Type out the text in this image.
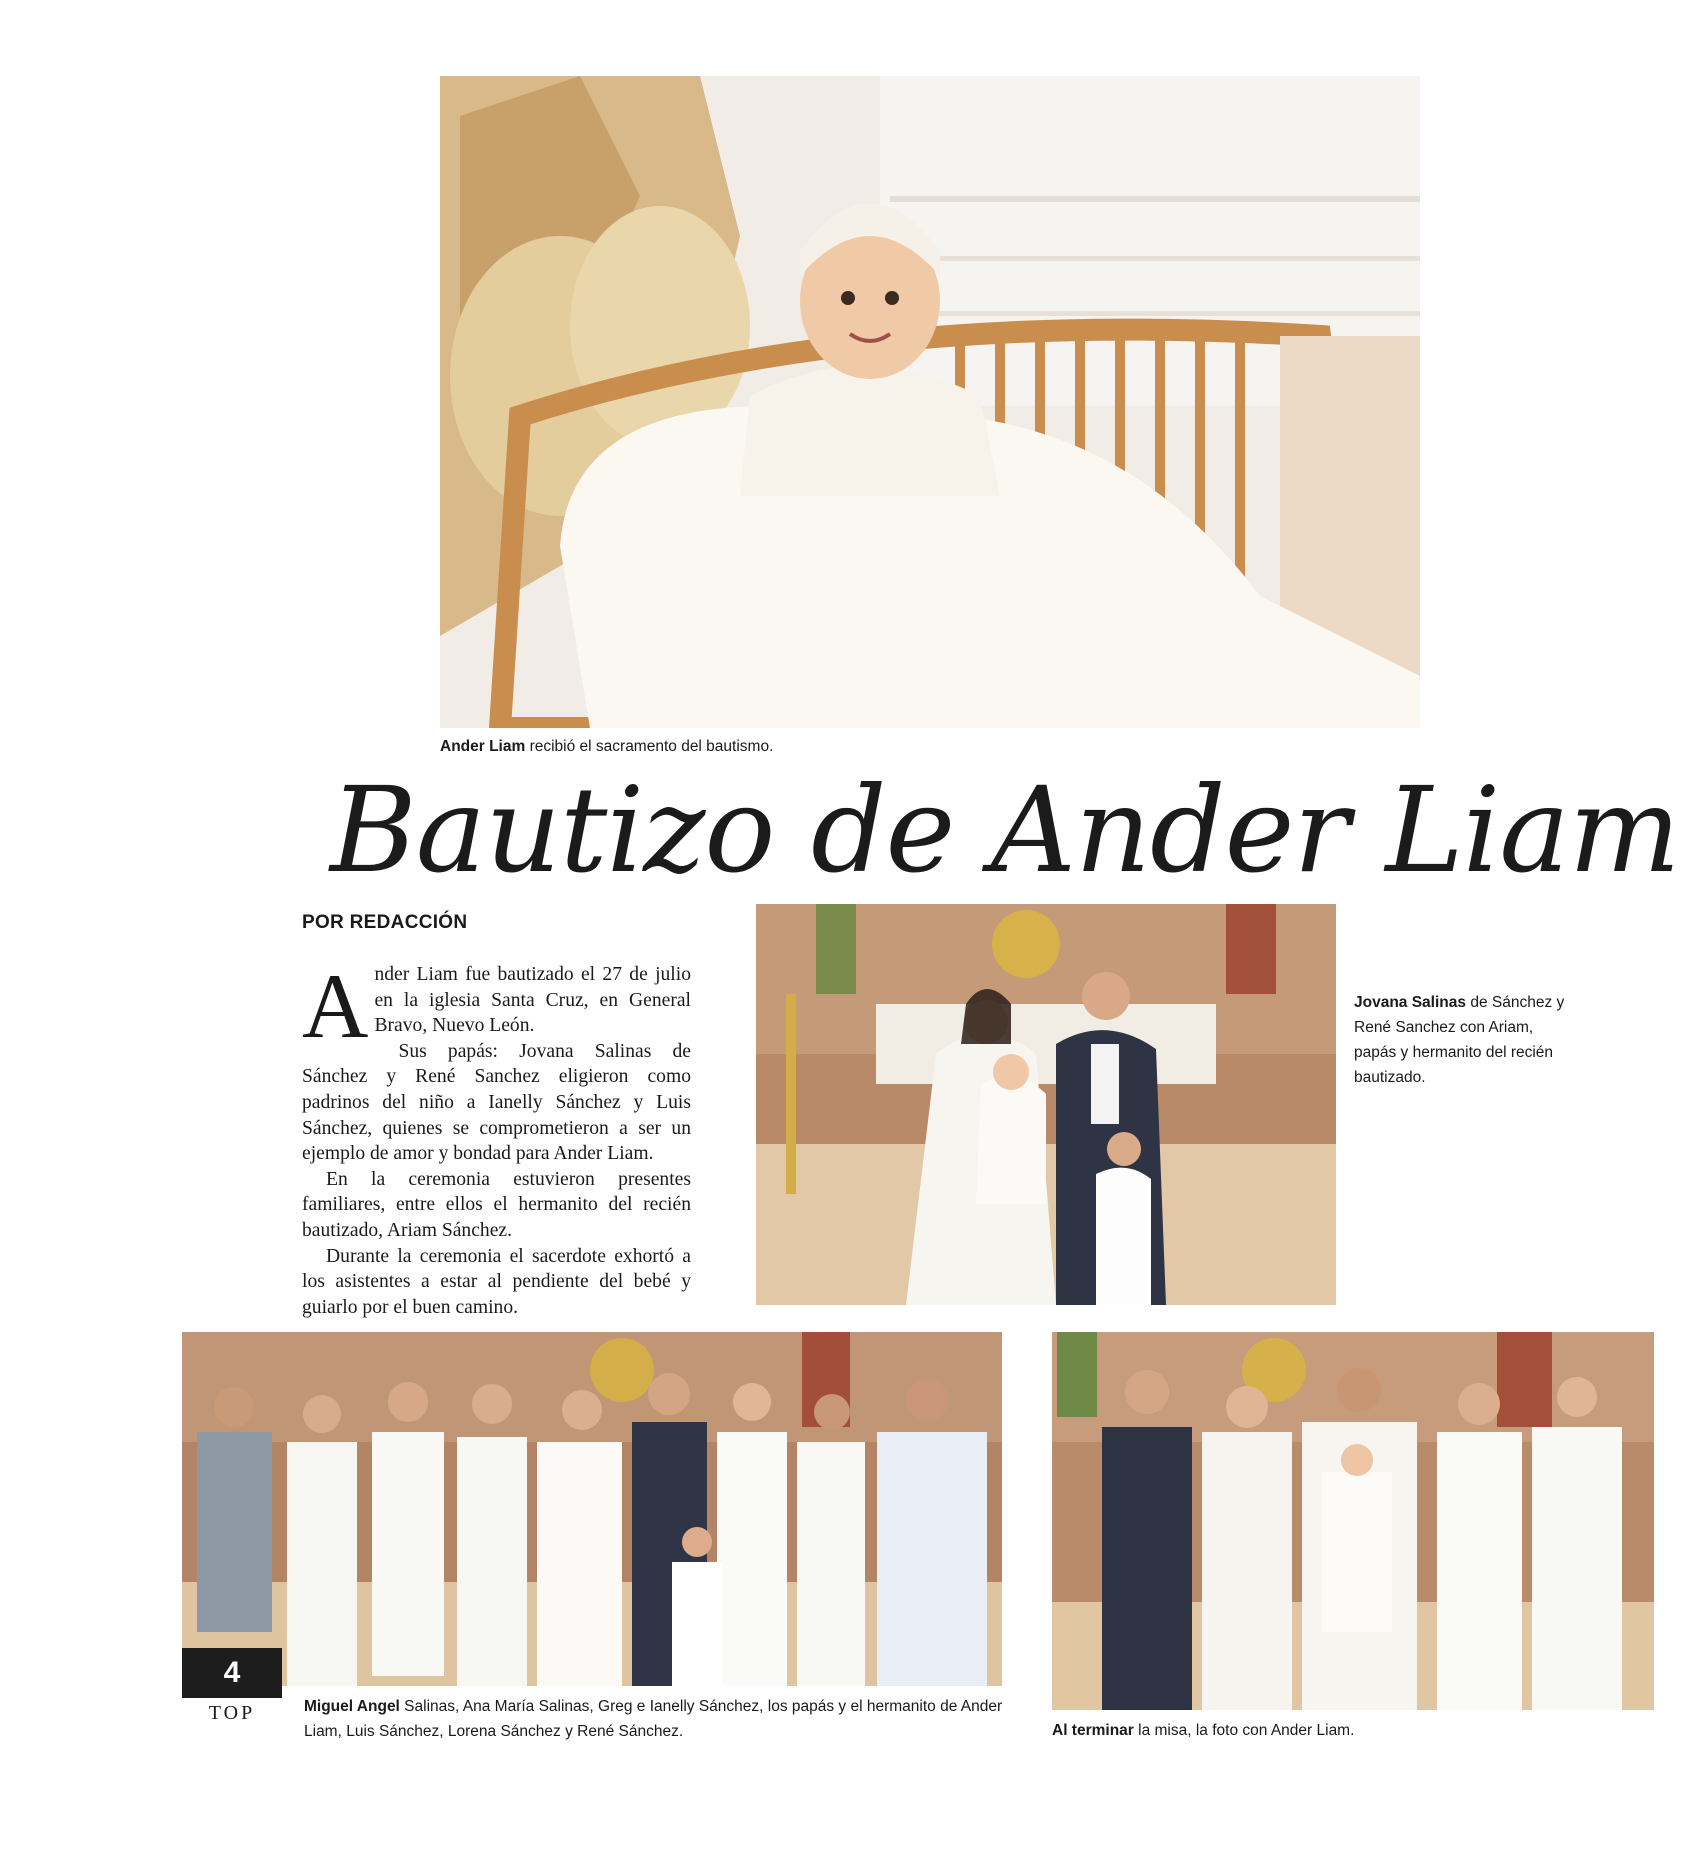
Ander Liam recibió el sacramento del bautismo.
Bautizo de Ander Liam
POR REDACCIÓN
A nder Liam fue bautizado el 27 de julio en la iglesia Santa Cruz, en General Bravo, Nuevo León.

Sus papás: Jovana Salinas de Sánchez y René Sanchez eligieron como padrinos del niño a Ianelly Sánchez y Luis Sánchez, quienes se comprometieron a ser un ejemplo de amor y bondad para Ander Liam.

En la ceremonia estuvieron presentes familiares, entre ellos el hermanito del recién bautizado, Ariam Sánchez.

Durante la ceremonia el sacerdote exhortó a los asistentes a estar al pendiente del bebé y guiarlo por el buen camino.

Jovana Salinas de Sánchez y René Sanchez con Ariam, papás y hermanito del recién bautizado.
Miguel Angel Salinas, Ana María Salinas, Greg e Ianelly Sánchez, los papás y el hermanito de Ander Liam, Luis Sánchez, Lorena Sánchez y René Sánchez.	Al terminar la misa, la foto con Ander Liam.
4
TOP
